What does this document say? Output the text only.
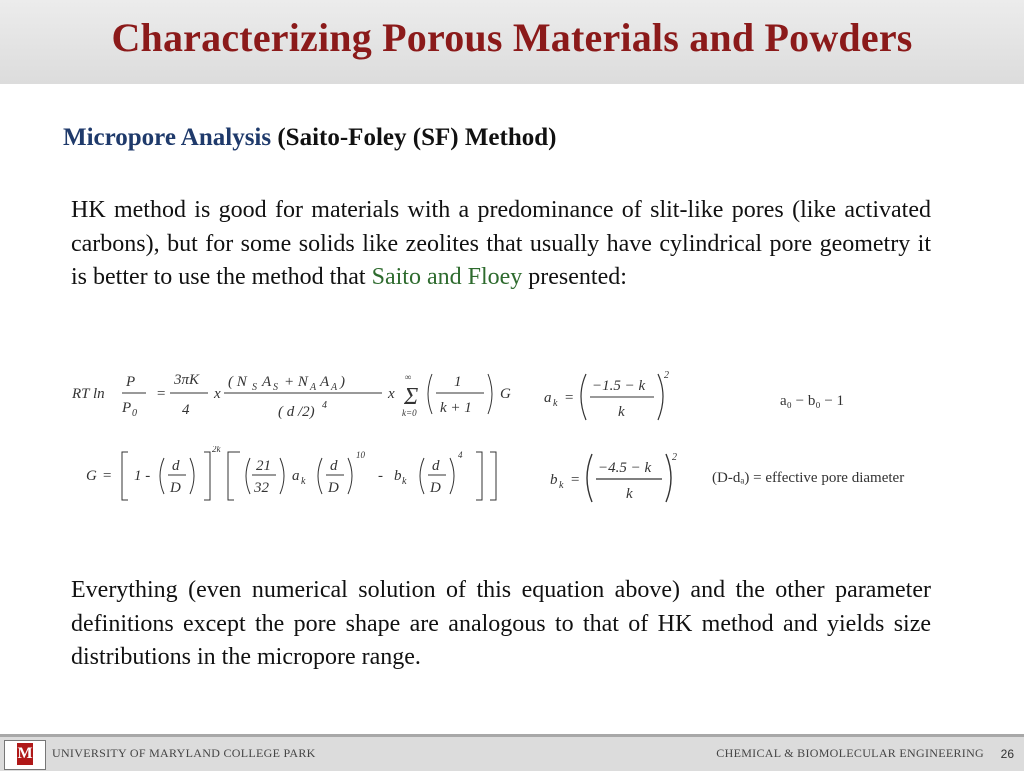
Characterizing Porous Materials and Powders
Micropore Analysis (Saito-Foley (SF) Method)
HK method is good for materials with a predominance of slit-like pores (like activated carbons), but for some solids like zeolites that usually have cylindrical pore geometry it is better to use the method that Saito and Floey presented:
RT ln
P
P 0
=
3πK
4
x
( N S A S + N A A A )
( d /2) 4
x Σ
∞
k=0
1
k + 1
G a k =
−1.5 − k
k
2
a₀ − b₀ − 1
G = 1 -
d
D
2k
21
32
a k
d
D
10
- b k
d
D
4
b k =
−4.5 − k
k
2
(D-dₐ) = effective pore diameter
Everything (even numerical solution of this equation above) and the other parameter definitions except the pore shape are analogous to that of HK method and yields size distributions in the micropore range.
M UNIVERSITY OF MARYLAND COLLEGE PARK	CHEMICAL & BIOMOLECULAR ENGINEERING 26
